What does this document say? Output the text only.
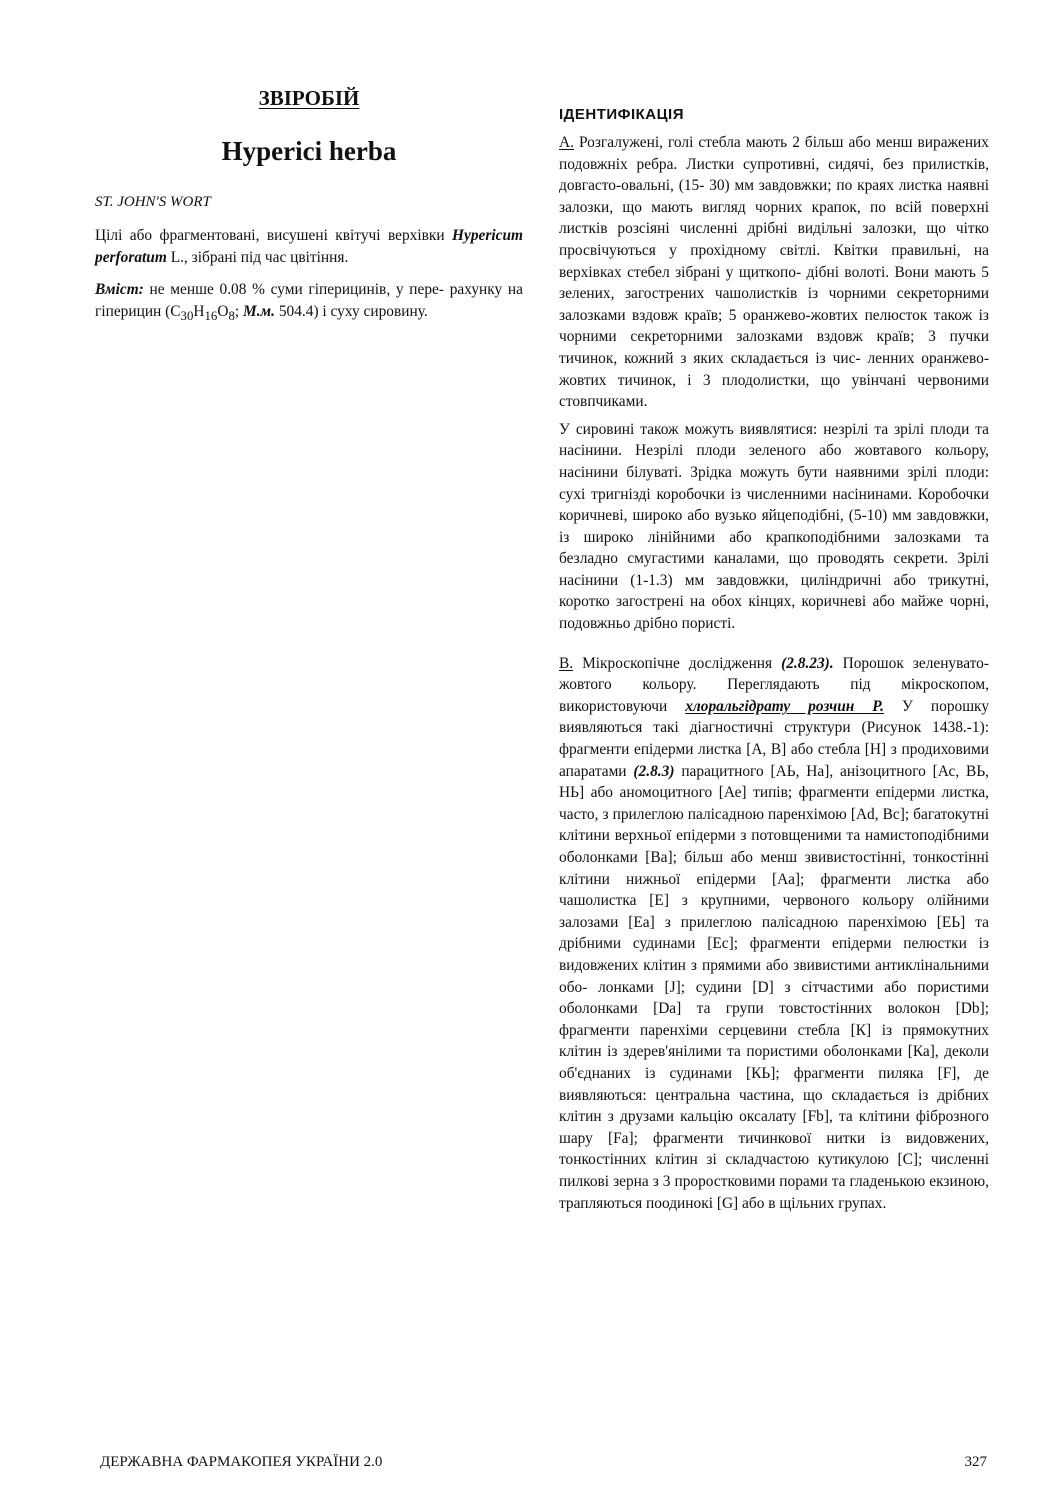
ЗВІРОБІЙ
Hyperici herba

ST. JOHN'S WORT

Цілі або фрагментовані, висушені квітучі верхівки Hypericum perforatum L., зібрані під час цвітіння.

Вміст: не менше 0.08 % суми гіперицинів, у пере- рахунку на гіперицин ($C_{30}H_{16}O_8$; М.м. 504.4) і суху сировину.

ІДЕНТИФІКАЦІЯ

А. Розгалужені, голі стебла мають 2 більш або менш виражених подовжніх ребра. Листки супротивні, сидячі, без прилистків, довгасто-овальні, (15- 30) мм завдовжки; по краях листка наявні залозки, що мають вигляд чорних крапок, по всій поверхні листків розсіяні численні дрібні видільні залозки, що чітко просвічуються у прохідному світлі. Квітки правильні, на верхівках стебел зібрані у щиткопо- дібні волоті. Вони мають 5 зелених, загострених чашолистків із чорними секреторними залозками вздовж країв; 5 оранжево-жовтих пелюсток також із чорними секреторними залозками вздовж країв; 3 пучки тичинок, кожний з яких складається із чис- ленних оранжево-жовтих тичинок, і 3 плодолистки, що увінчані червоними стовпчиками.

У сировині також можуть виявлятися: незрілі та зрілі плоди та насінини. Незрілі плоди зеленого або жовтавого кольору, насінини білуваті. Зрідка можуть бути наявними зрілі плоди: сухі тригнізді коробочки із численними насінинами. Коробочки коричневі, широко або вузько яйцеподібні, (5-10) мм завдовжки, із широко лінійними або крапкоподібними залозками та безладно смугастими каналами, що проводять секрети. Зрілі насінини (1-1.3) мм завдовжки, циліндричні або трикутні, коротко загострені на обох кінцях, коричневі або майже чорні, подовжньо дрібно пористі.

В. Мікроскопічне дослідження (2.8.23). Порошок зеленувато-жовтого кольору. Переглядають під мікроскопом, використовуючи хлоральгідрату розчин Р. У порошку виявляються такі діагностичні структури (Рисунок 1438.-1): фрагменти епідерми листка [А, В] або стебла [Н] з продиховими апаратами (2.8.3) парацитного [АЬ, На], анізоцитного [Ас, ВЬ, НЬ] або аномоцитного [Ае] типів; фрагменти епідерми листка, часто, з прилеглою палісадною паренхімою [Ad, Вс]; багатокутні клітини верхньої епідерми з потовщеними та намистоподібними оболонками [Ва]; більш або менш звивистостінні, тонкостінні клітини нижньої епідерми [Аа]; фрагменти листка або чашолистка [Е] з крупними, червоного кольору олійними залозами [Еа] з прилеглою палісадною паренхімою [ЕЬ] та дрібними судинами [Ес]; фрагменти епідерми пелюстки із видовжених клітин з прямими або звивистими антиклінальними обо- лонками [J]; судини [D] з сітчастими або пористими оболонками [Da] та групи товстостінних волокон [Db]; фрагменти паренхіми серцевини стебла [К] із прямокутних клітин із здерев'янілими та пористими оболонками [Ка], деколи об'єднаних із судинами [КЬ]; фрагменти пиляка [F], де виявляються: центральна частина, що складається із дрібних клітин з друзами кальцію оксалату [Fb], та клітини фіброзного шару [Fa]; фрагменти тичинкової нитки із видовжених, тонкостінних клітин зі складчастою кутикулою [С]; численні пилкові зерна з 3 проростковими порами та гладенькою екзиною, трапляються поодинокі [G] або в щільних групах.

ДЕРЖАВНА ФАРМАКОПЕЯ УКРАЇНИ 2.0	327
